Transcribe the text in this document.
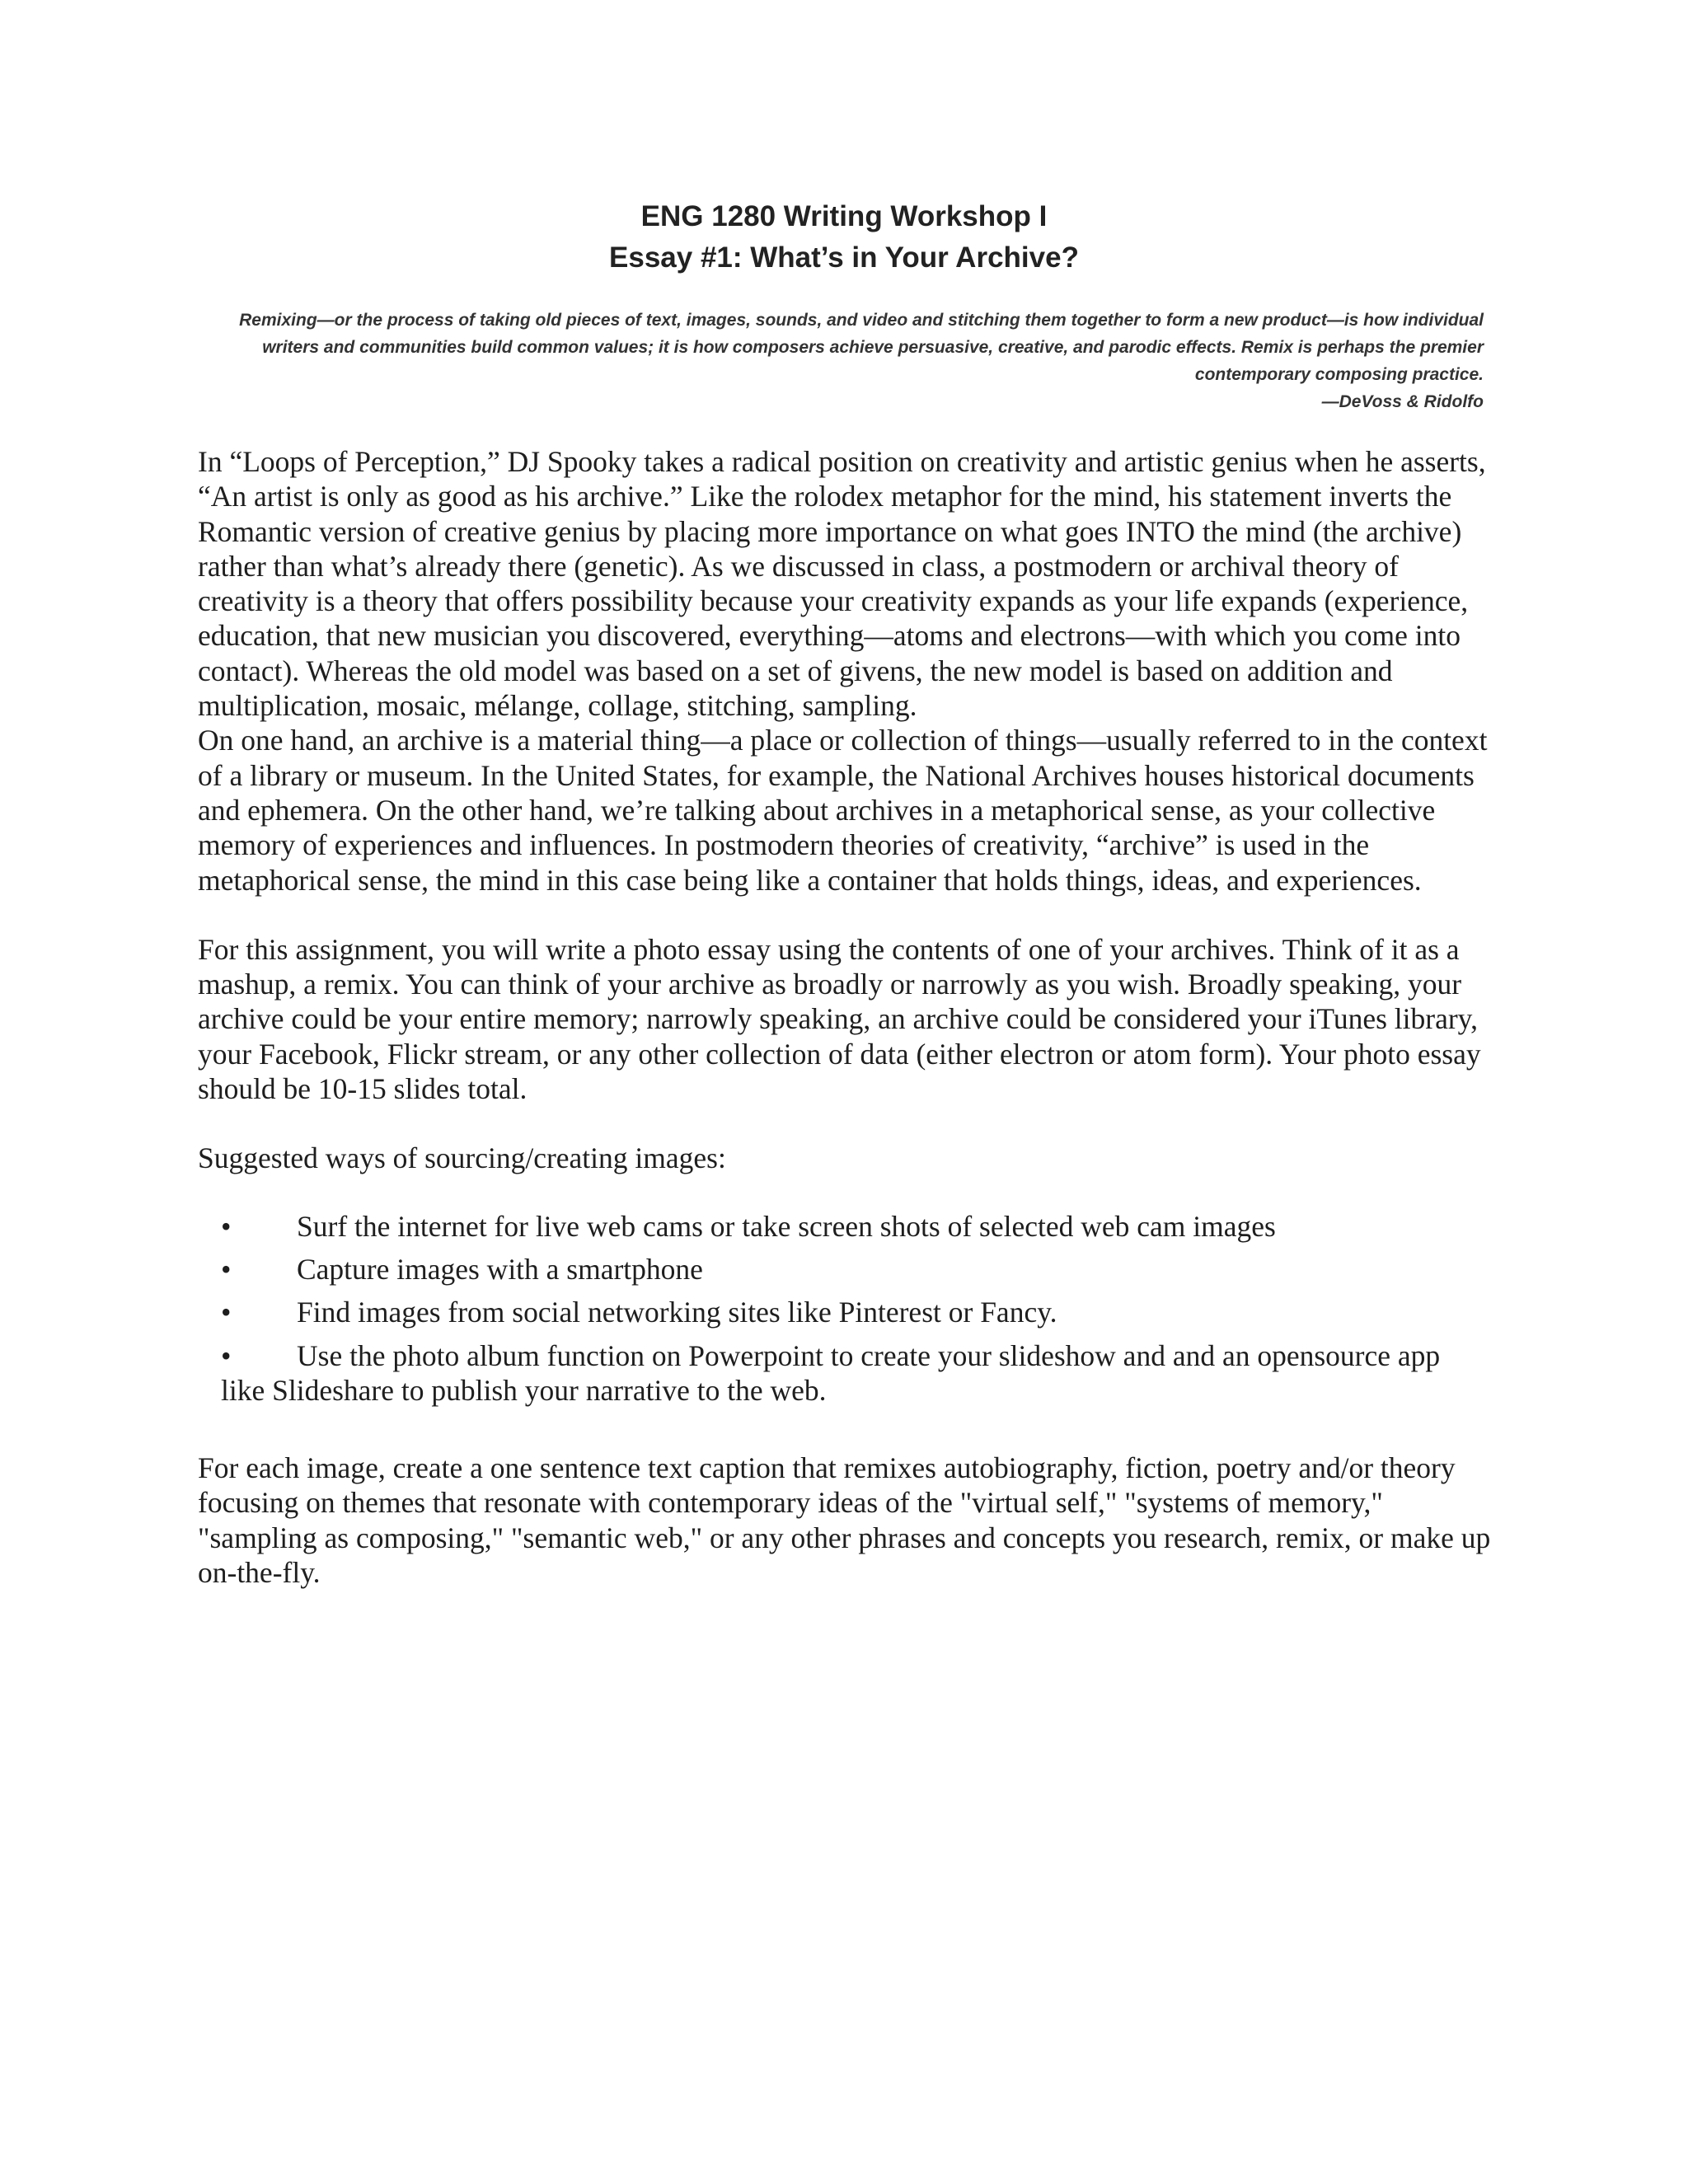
ENG 1280 Writing Workshop I
Essay #1: What’s in Your Archive?
Remixing—or the process of taking old pieces of text, images, sounds, and video and stitching them together to form a new product—is how individual writers and communities build common values; it is how composers achieve persuasive, creative, and parodic effects. Remix is perhaps the premier contemporary composing practice.
—DeVoss & Ridolfo

In “Loops of Perception,” DJ Spooky takes a radical position on creativity and artistic genius when he asserts, “An artist is only as good as his archive.” Like the rolodex metaphor for the mind, his statement inverts the Romantic version of creative genius by placing more importance on what goes INTO the mind (the archive) rather than what’s already there (genetic). As we discussed in class, a postmodern or archival theory of creativity is a theory that offers possibility because your creativity expands as your life expands (experience, education, that new musician you discovered, everything—atoms and electrons—with which you come into contact). Whereas the old model was based on a set of givens, the new model is based on addition and multiplication, mosaic, mélange, collage, stitching, sampling.

On one hand, an archive is a material thing—a place or collection of things—usually referred to in the context of a library or museum. In the United States, for example, the National Archives houses historical documents and ephemera. On the other hand, we’re talking about archives in a metaphorical sense, as your collective memory of experiences and influences. In postmodern theories of creativity, “archive” is used in the metaphorical sense, the mind in this case being like a container that holds things, ideas, and experiences.

For this assignment, you will write a photo essay using the contents of one of your archives. Think of it as a mashup, a remix. You can think of your archive as broadly or narrowly as you wish. Broadly speaking, your archive could be your entire memory; narrowly speaking, an archive could be considered your iTunes library, your Facebook, Flickr stream, or any other collection of data (either electron or atom form). Your photo essay should be 10-15 slides total.

Suggested ways of sourcing/creating images:

• Surf the internet for live web cams or take screen shots of selected web cam images
• Capture images with a smartphone
• Find images from social networking sites like Pinterest or Fancy.
• Use the photo album function on Powerpoint to create your slideshow and and an opensource app
like Slideshare to publish your narrative to the web.

For each image, create a one sentence text caption that remixes autobiography, fiction, poetry and/or theory focusing on themes that resonate with contemporary ideas of the "virtual self," "systems of memory," "sampling as composing," "semantic web," or any other phrases and concepts you research, remix, or make up on-the-fly.
